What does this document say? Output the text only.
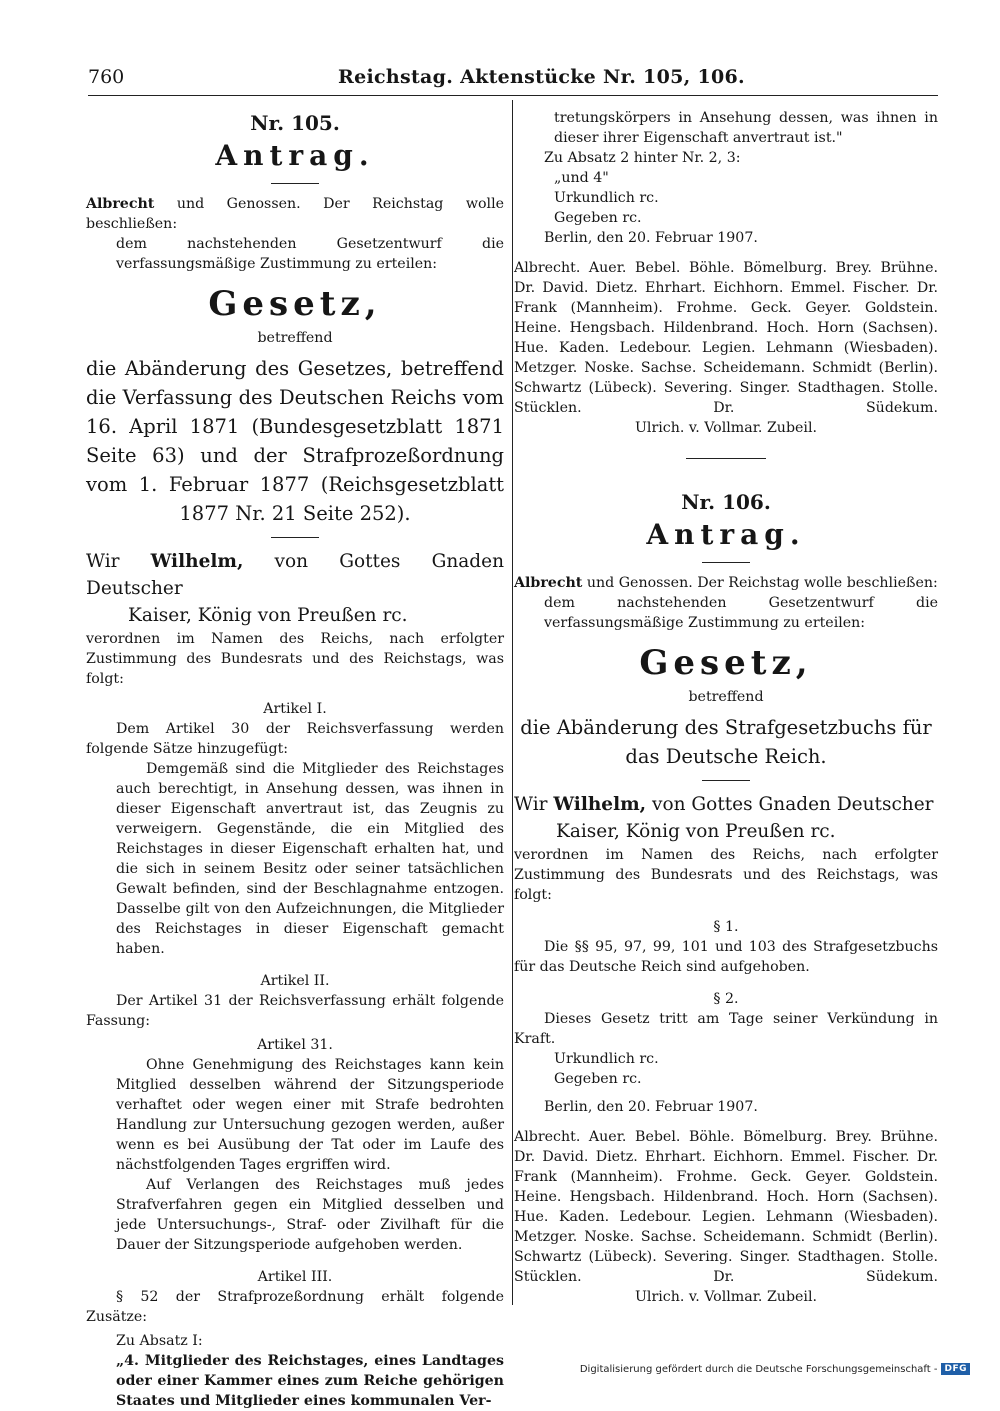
760	Reichstag. Aktenstücke Nr. 105, 106.

Nr. 105.

Antrag.

Albrecht und Genossen. Der Reichstag wolle beschließen:

dem nachstehenden Gesetzentwurf die verfassungsmäßige Zustimmung zu erteilen:

Gesetz,

betreffend

die Abänderung des Gesetzes, betreffend die Verfassung des Deutschen Reichs vom 16. April 1871 (Bundesgesetzblatt 1871 Seite 63) und der Strafprozeßordnung vom 1. Februar 1877 (Reichsgesetzblatt 1877 Nr. 21 Seite 252).

Wir Wilhelm, von Gottes Gnaden Deutscher

Kaiser, König von Preußen rc.

verordnen im Namen des Reichs, nach erfolgter Zustimmung des Bundesrats und des Reichstags, was folgt:

Artikel I.

Dem Artikel 30 der Reichsverfassung werden folgende Sätze hinzugefügt:

Demgemäß sind die Mitglieder des Reichstages auch berechtigt, in Ansehung dessen, was ihnen in dieser Eigenschaft anvertraut ist, das Zeugnis zu verweigern. Gegenstände, die ein Mitglied des Reichstages in dieser Eigenschaft erhalten hat, und die sich in seinem Besitz oder seiner tatsächlichen Gewalt befinden, sind der Beschlagnahme entzogen. Dasselbe gilt von den Aufzeichnungen, die Mitglieder des Reichstages in dieser Eigenschaft gemacht haben.

Artikel II.

Der Artikel 31 der Reichsverfassung erhält folgende Fassung:

Artikel 31.

Ohne Genehmigung des Reichstages kann kein Mitglied desselben während der Sitzungsperiode verhaftet oder wegen einer mit Strafe bedrohten Handlung zur Untersuchung gezogen werden, außer wenn es bei Ausübung der Tat oder im Laufe des nächstfolgenden Tages ergriffen wird.

Auf Verlangen des Reichstages muß jedes Strafverfahren gegen ein Mitglied desselben und jede Untersuchungs-, Straf- oder Zivilhaft für die Dauer der Sitzungsperiode aufgehoben werden.

Artikel III.

§ 52 der Strafprozeßordnung erhält folgende Zusätze:

Zu Absatz I:

„4. Mitglieder des Reichstages, eines Landtages oder einer Kammer eines zum Reiche gehörigen Staates und Mitglieder eines kommunalen Ver-

tretungskörpers in Ansehung dessen, was ihnen in dieser ihrer Eigenschaft anvertraut ist."

Zu Absatz 2 hinter Nr. 2, 3:

„und 4"

Urkundlich rc.

Gegeben rc.

Berlin, den 20. Februar 1907.

Albrecht. Auer. Bebel. Böhle. Bömelburg. Brey. Brühne. Dr. David. Dietz. Ehrhart. Eichhorn. Emmel. Fischer. Dr. Frank (Mannheim). Frohme. Geck. Geyer. Goldstein. Heine. Hengsbach. Hildenbrand. Hoch. Horn (Sachsen). Hue. Kaden. Ledebour. Legien. Lehmann (Wiesbaden). Metzger. Noske. Sachse. Scheidemann. Schmidt (Berlin). Schwartz (Lübeck). Severing. Singer. Stadthagen. Stolle. Stücklen. Dr. Südekum.

Ulrich. v. Vollmar. Zubeil.

Nr. 106.

Antrag.

Albrecht und Genossen. Der Reichstag wolle beschließen:

dem nachstehenden Gesetzentwurf die verfassungsmäßige Zustimmung zu erteilen:

Gesetz,

betreffend

die Abänderung des Strafgesetzbuchs für das Deutsche Reich.

Wir Wilhelm, von Gottes Gnaden Deutscher

Kaiser, König von Preußen rc.

verordnen im Namen des Reichs, nach erfolgter Zustimmung des Bundesrats und des Reichstags, was folgt:

§ 1.

Die §§ 95, 97, 99, 101 und 103 des Strafgesetzbuchs für das Deutsche Reich sind aufgehoben.

§ 2.

Dieses Gesetz tritt am Tage seiner Verkündung in Kraft.

Urkundlich rc.

Gegeben rc.

Berlin, den 20. Februar 1907.

Albrecht. Auer. Bebel. Böhle. Bömelburg. Brey. Brühne. Dr. David. Dietz. Ehrhart. Eichhorn. Emmel. Fischer. Dr. Frank (Mannheim). Frohme. Geck. Geyer. Goldstein. Heine. Hengsbach. Hildenbrand. Hoch. Horn (Sachsen). Hue. Kaden. Ledebour. Legien. Lehmann (Wiesbaden). Metzger. Noske. Sachse. Scheidemann. Schmidt (Berlin). Schwartz (Lübeck). Severing. Singer. Stadthagen. Stolle. Stücklen. Dr. Südekum.

Ulrich. v. Vollmar. Zubeil.

Digitalisierung gefördert durch die Deutsche Forschungsgemeinschaft - DFG
